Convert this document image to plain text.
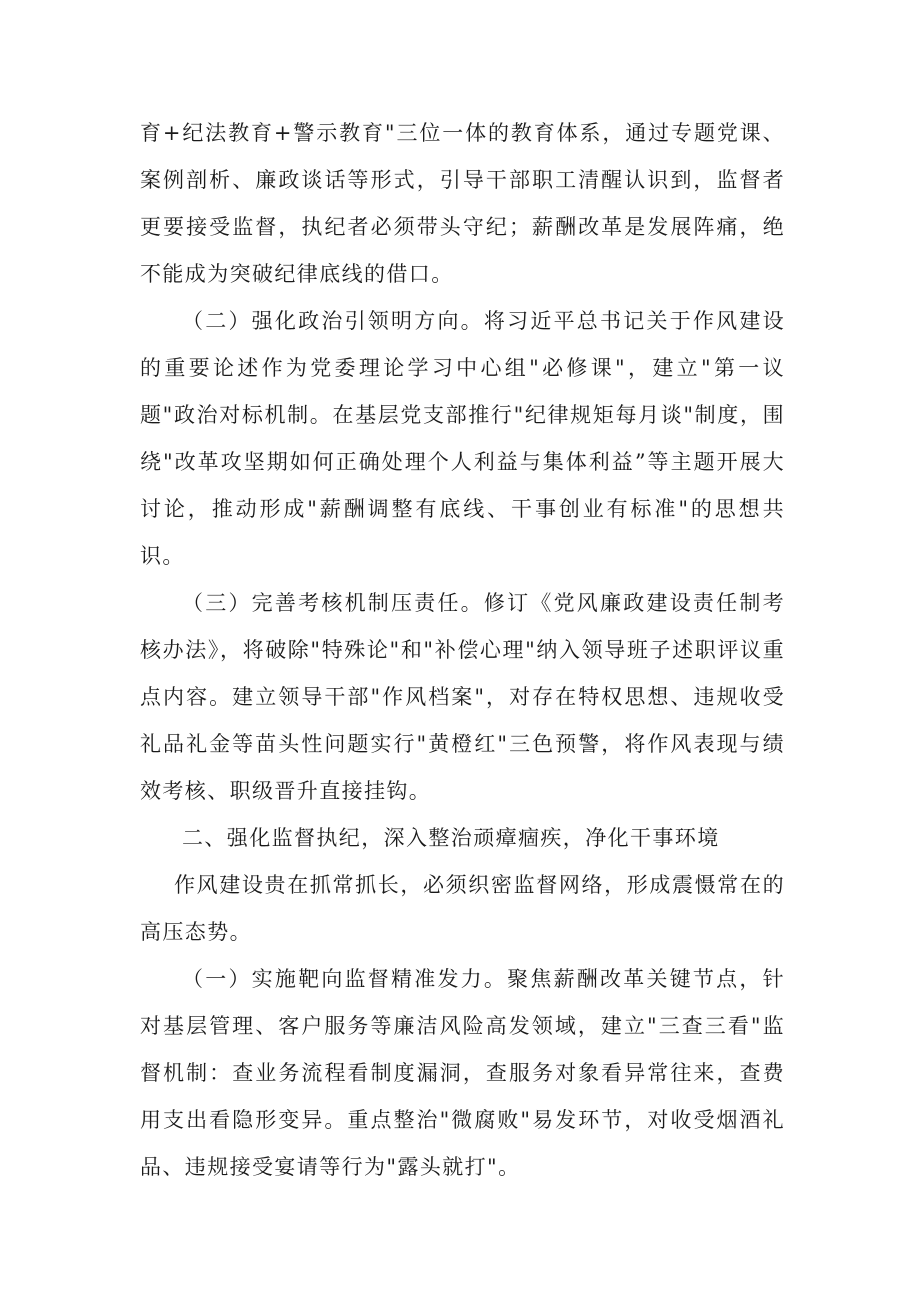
育+纪法教育+警示教育"三位一体的教育体系，通过专题党课、案例剖析、廉政谈话等形式，引导干部职工清醒认识到，监督者更要接受监督，执纪者必须带头守纪；薪酬改革是发展阵痛，绝不能成为突破纪律底线的借口。

（二）强化政治引领明方向。将习近平总书记关于作风建设的重要论述作为党委理论学习中心组"必修课"，建立"第一议题"政治对标机制。在基层党支部推行"纪律规矩每月谈"制度，围绕"改革攻坚期如何正确处理个人利益与集体利益”等主题开展大讨论，推动形成"薪酬调整有底线、干事创业有标准"的思想共识。

（三）完善考核机制压责任。修订《党风廉政建设责任制考核办法》，将破除"特殊论"和"补偿心理"纳入领导班子述职评议重点内容。建立领导干部"作风档案"，对存在特权思想、违规收受礼品礼金等苗头性问题实行"黄橙红"三色预警，将作风表现与绩效考核、职级晋升直接挂钩。

二、强化监督执纪，深入整治顽瘴痼疾，净化干事环境

作风建设贵在抓常抓长，必须织密监督网络，形成震慑常在的高压态势。

（一）实施靶向监督精准发力。聚焦薪酬改革关键节点，针对基层管理、客户服务等廉洁风险高发领域，建立"三查三看"监督机制：查业务流程看制度漏洞，查服务对象看异常往来，查费用支出看隐形变异。重点整治"微腐败"易发环节，对收受烟酒礼品、违规接受宴请等行为"露头就打"。
